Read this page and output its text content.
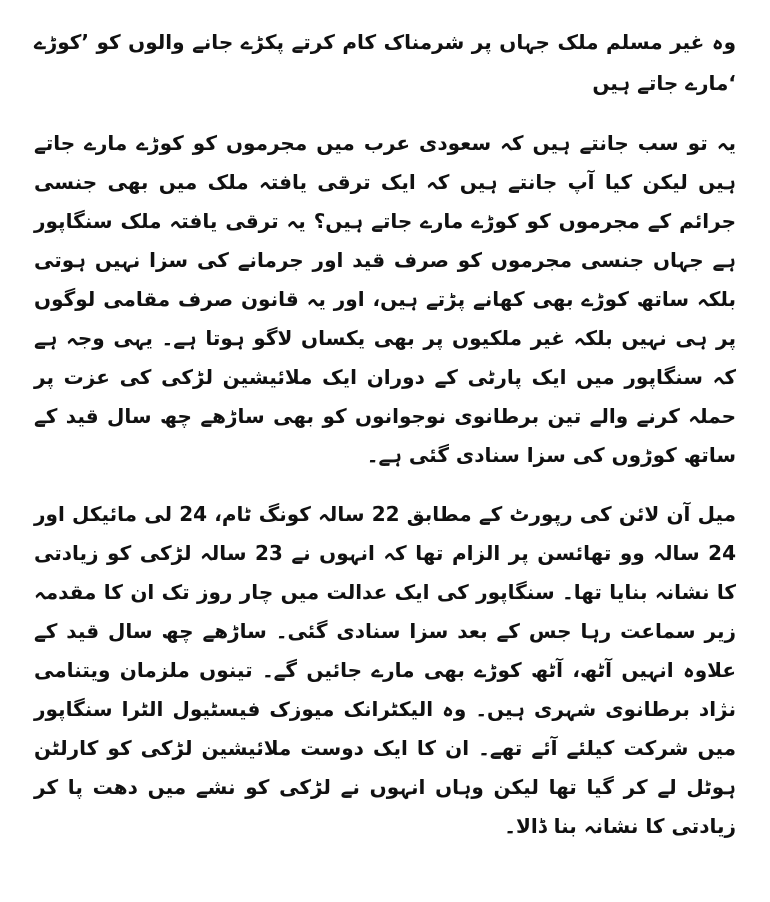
وہ غیر مسلم ملک جہاں پر شرمناک کام کرتے پکڑے جانے والوں کو ’کوڑے ‘مارے جاتے ہیں

یہ تو سب جانتے ہیں کہ سعودی عرب میں مجرموں کو کوڑے مارے جاتے ہیں لیکن کیا آپ جانتے ہیں کہ ایک ترقی یافتہ ملک میں بھی جنسی جرائم کے مجرموں کو کوڑے مارے جاتے ہیں؟ یہ ترقی یافتہ ملک سنگاپور ہے جہاں جنسی مجرموں کو صرف قید اور جرمانے کی سزا نہیں ہوتی بلکہ ساتھ کوڑے بھی کھانے پڑتے ہیں، اور یہ قانون صرف مقامی لوگوں پر ہی نہیں بلکہ غیر ملکیوں پر بھی یکساں لاگو ہوتا ہے۔ یہی وجہ ہے کہ سنگاپور میں ایک پارٹی کے دوران ایک ملائیشین لڑکی کی عزت پر حملہ کرنے والے تین برطانوی نوجوانوں کو بھی ساڑھے چھ سال قید کے ساتھ کوڑوں کی سزا سنادی گئی ہے۔

میل آن لائن کی رپورٹ کے مطابق 22 سالہ کونگ ٹام، 24 لی مائیکل اور 24 سالہ وو تھائسن پر الزام تھا کہ انہوں نے 23 سالہ لڑکی کو زیادتی کا نشانہ بنایا تھا۔ سنگاپور کی ایک عدالت میں چار روز تک ان کا مقدمہ زیر سماعت رہا جس کے بعد سزا سنادی گئی۔ ساڑھے چھ سال قید کے علاوہ انہیں آٹھ، آٹھ کوڑے بھی مارے جائیں گے۔ تینوں ملزمان ویتنامی نژاد برطانوی شہری ہیں۔ وہ الیکٹرانک میوزک فیسٹیول الٹرا سنگاپور میں شرکت کیلئے آئے تھے۔ ان کا ایک دوست ملائیشین لڑکی کو کارلٹن ہوٹل لے کر گیا تھا لیکن وہاں انہوں نے لڑکی کو نشے میں دھت پا کر زیادتی کا نشانہ بنا ڈالا۔
